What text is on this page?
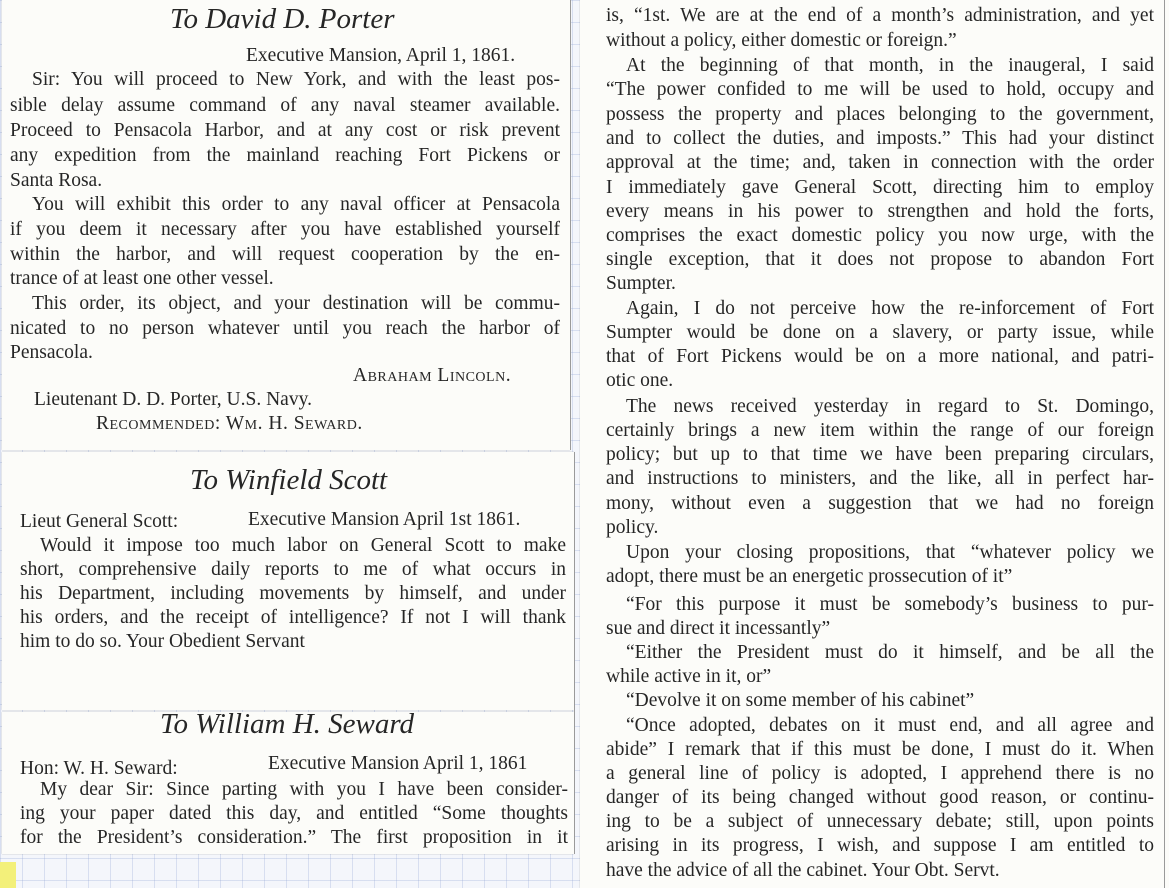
To David D. Porter

Executive Mansion, April 1, 1861.

Sir: You will proceed to New York, and with the least pos-

sible delay assume command of any naval steamer available.

Proceed to Pensacola Harbor, and at any cost or risk prevent

any expedition from the mainland reaching Fort Pickens or

Santa Rosa.

You will exhibit this order to any naval officer at Pensacola

if you deem it necessary after you have established yourself

within the harbor, and will request cooperation by the en-

trance of at least one other vessel.

This order, its object, and your destination will be commu-

nicated to no person whatever until you reach the harbor of

Pensacola.

Abraham Lincoln.

Lieutenant D. D. Porter, U.S. Navy.

Recommended: Wm. H. Seward.

To Winfield Scott

Lieut General Scott:	Executive Mansion April 1st 1861.

Would it impose too much labor on General Scott to make

short, comprehensive daily reports to me of what occurs in

his Department, including movements by himself, and under

his orders, and the receipt of intelligence? If not I will thank

him to do so. Your Obedient Servant

To William H. Seward

Hon: W. H. Seward:	Executive Mansion April 1, 1861

My dear Sir: Since parting with you I have been consider-

ing your paper dated this day, and entitled “Some thoughts

for the President’s consideration.” The first proposition in it

is, “1st. We are at the end of a month’s administration, and yet

without a policy, either domestic or foreign.”

At the beginning of that month, in the inaugeral, I said

“The power confided to me will be used to hold, occupy and

possess the property and places belonging to the government,

and to collect the duties, and imposts.” This had your distinct

approval at the time; and, taken in connection with the order

I immediately gave General Scott, directing him to employ

every means in his power to strengthen and hold the forts,

comprises the exact domestic policy you now urge, with the

single exception, that it does not propose to abandon Fort

Sumpter.

Again, I do not perceive how the re-inforcement of Fort

Sumpter would be done on a slavery, or party issue, while

that of Fort Pickens would be on a more national, and patri-

otic one.

The news received yesterday in regard to St. Domingo,

certainly brings a new item within the range of our foreign

policy; but up to that time we have been preparing circulars,

and instructions to ministers, and the like, all in perfect har-

mony, without even a suggestion that we had no foreign

policy.

Upon your closing propositions, that “whatever policy we

adopt, there must be an energetic prossecution of it”

“For this purpose it must be somebody’s business to pur-

sue and direct it incessantly”

“Either the President must do it himself, and be all the

while active in it, or”

“Devolve it on some member of his cabinet”

“Once adopted, debates on it must end, and all agree and

abide” I remark that if this must be done, I must do it. When

a general line of policy is adopted, I apprehend there is no

danger of its being changed without good reason, or continu-

ing to be a subject of unnecessary debate; still, upon points

arising in its progress, I wish, and suppose I am entitled to

have the advice of all the cabinet. Your Obt. Servt.
